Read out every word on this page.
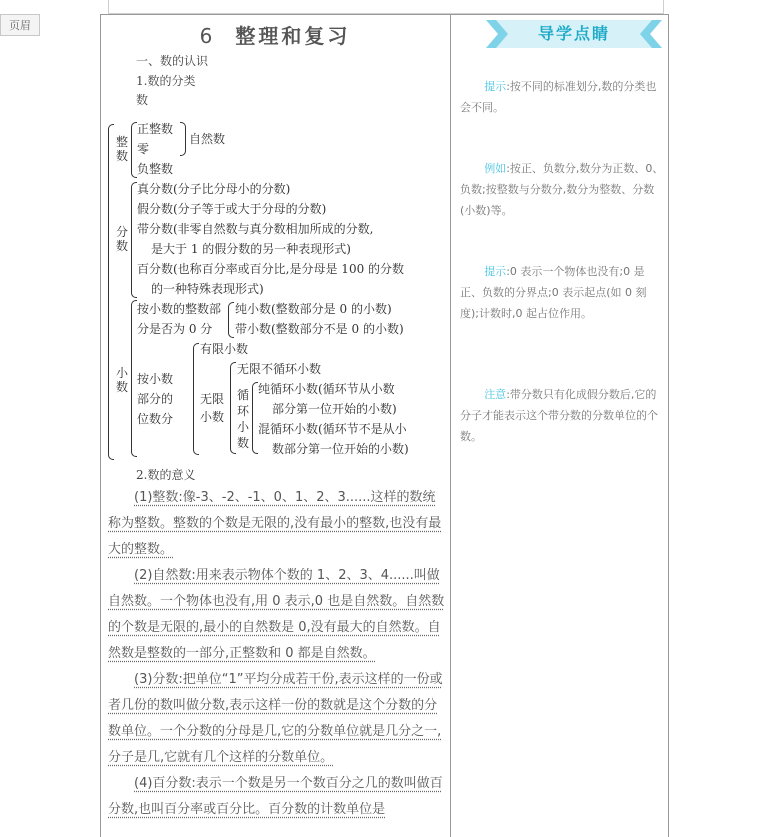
页眉	6 整理和复习	导学点睛
一、数的认识
1.数的分类
数
整数
正整数
零
负整数
自然数
分数
真分数(分子比分母小的分数)
假分数(分子等于或大于分母的分数)
带分数(非零自然数与真分数相加所成的分数,
是大于 1 的假分数的另一种表现形式)
百分数(也称百分率或百分比,是分母是 100 的分数
的一种特殊表现形式)
小数
按小数的整数部
分是否为 0 分
纯小数(整数部分是 0 的小数)
带小数(整数部分不是 0 的小数)
按小数
部分的
位数分
有限小数
无限
小数
无限不循环小数
循
环
小
数
纯循环小数(循环节从小数
部分第一位开始的小数)
混循环小数(循环节不是从小
数部分第一位开始的小数)
2.数的意义

(1)整数:像-3、-2、-1、0、1、2、3......这样的数统称为整数。整数的个数是无限的,没有最小的整数,也没有最大的整数。

(2)自然数:用来表示物体个数的 1、2、3、4......叫做自然数。一个物体也没有,用 0 表示,0 也是自然数。自然数的个数是无限的,最小的自然数是 0,没有最大的自然数。自然数是整数的一部分,正整数和 0 都是自然数。

(3)分数:把单位“1”平均分成若干份,表示这样的一份或者几份的数叫做分数,表示这样一份的数就是这个分数的分数单位。一个分数的分母是几,它的分数单位就是几分之一,分子是几,它就有几个这样的分数单位。

(4)百分数:表示一个数是另一个数百分之几的数叫做百分数,也叫百分率或百分比。百分数的计数单位是

提示:按不同的标准划分,数的分类也会不同。
例如:按正、负数分,数分为正数、0、负数;按整数与分数分,数分为整数、分数(小数)等。
提示:0 表示一个物体也没有;0 是正、负数的分界点;0 表示起点(如 0 刻度);计数时,0 起占位作用。
注意:带分数只有化成假分数后,它的分子才能表示这个带分数的分数单位的个数。
